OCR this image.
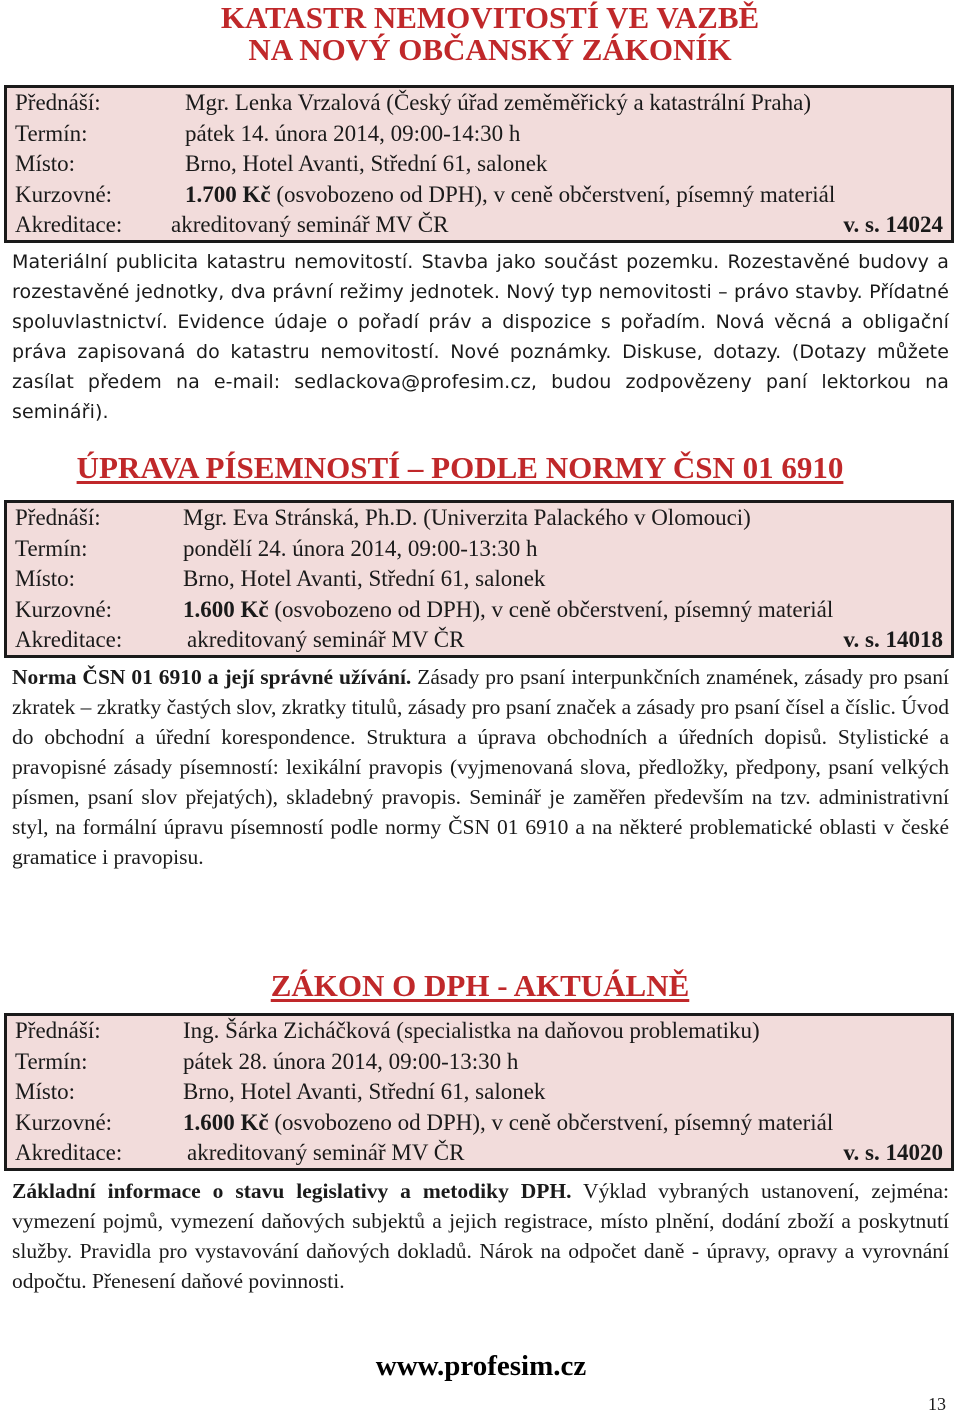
KATASTR NEMOVITOSTÍ VE VAZBĚ
NA NOVÝ OBČANSKÝ ZÁKONÍK
Přednáší:	Mgr. Lenka Vrzalová (Český úřad zeměměřický a katastrální Praha)
Termín:	pátek 14. února 2014, 09:00-14:30 h
Místo:	Brno, Hotel Avanti, Střední 61, salonek
Kurzovné:	1.700 Kč (osvobozeno od DPH), v ceně občerstvení, písemný materiál
Akreditace: akreditovaný seminář MV ČR	v. s. 14024
Materiální publicita katastru nemovitostí. Stavba jako součást pozemku. Rozestavěné budovy a rozestavěné jednotky, dva právní režimy jednotek. Nový typ nemovitosti – právo stavby. Přídatné spoluvlastnictví. Evidence údaje o pořadí práv a dispozice s pořadím. Nová věcná a obligační práva zapisovaná do katastru nemovitostí. Nové poznámky. Diskuse, dotazy. (Dotazy můžete zasílat předem na e-mail: sedlackova@profesim.cz, budou zodpovězeny paní lektorkou na semináři).
ÚPRAVA PÍSEMNOSTÍ – PODLE NORMY ČSN 01 6910
Přednáší:	Mgr. Eva Stránská, Ph.D. (Univerzita Palackého v Olomouci)
Termín:	pondělí 24. února 2014, 09:00-13:30 h
Místo:	Brno, Hotel Avanti, Střední 61, salonek
Kurzovné:	1.600 Kč (osvobozeno od DPH), v ceně občerstvení, písemný materiál
Akreditace:	akreditovaný seminář MV ČR	v. s. 14018
Norma ČSN 01 6910 a její správné užívání. Zásady pro psaní interpunkčních znamének, zásady pro psaní zkratek – zkratky častých slov, zkratky titulů, zásady pro psaní značek a zásady pro psaní čísel a číslic. Úvod do obchodní a úřední korespondence. Struktura a úprava obchodních a úředních dopisů. Stylistické a pravopisné zásady písemností: lexikální pravopis (vyjmenovaná slova, předložky, předpony, psaní velkých písmen, psaní slov přejatých), skladebný pravopis. Seminář je zaměřen především na tzv. administrativní styl, na formální úpravu písemností podle normy ČSN 01 6910 a na některé problematické oblasti v české gramatice i pravopisu.
ZÁKON O DPH - AKTUÁLNĚ
Přednáší:	Ing. Šárka Zicháčková (specialistka na daňovou problematiku)
Termín:	pátek 28. února 2014, 09:00-13:30 h
Místo:	Brno, Hotel Avanti, Střední 61, salonek
Kurzovné:	1.600 Kč (osvobozeno od DPH), v ceně občerstvení, písemný materiál
Akreditace:	akreditovaný seminář MV ČR	v. s. 14020
Základní informace o stavu legislativy a metodiky DPH. Výklad vybraných ustanovení, zejména: vymezení pojmů, vymezení daňových subjektů a jejich registrace, místo plnění, dodání zboží a poskytnutí služby. Pravidla pro vystavování daňových dokladů. Nárok na odpočet daně - úpravy, opravy a vyrovnání odpočtu. Přenesení daňové povinnosti.
www.profesim.cz
13
